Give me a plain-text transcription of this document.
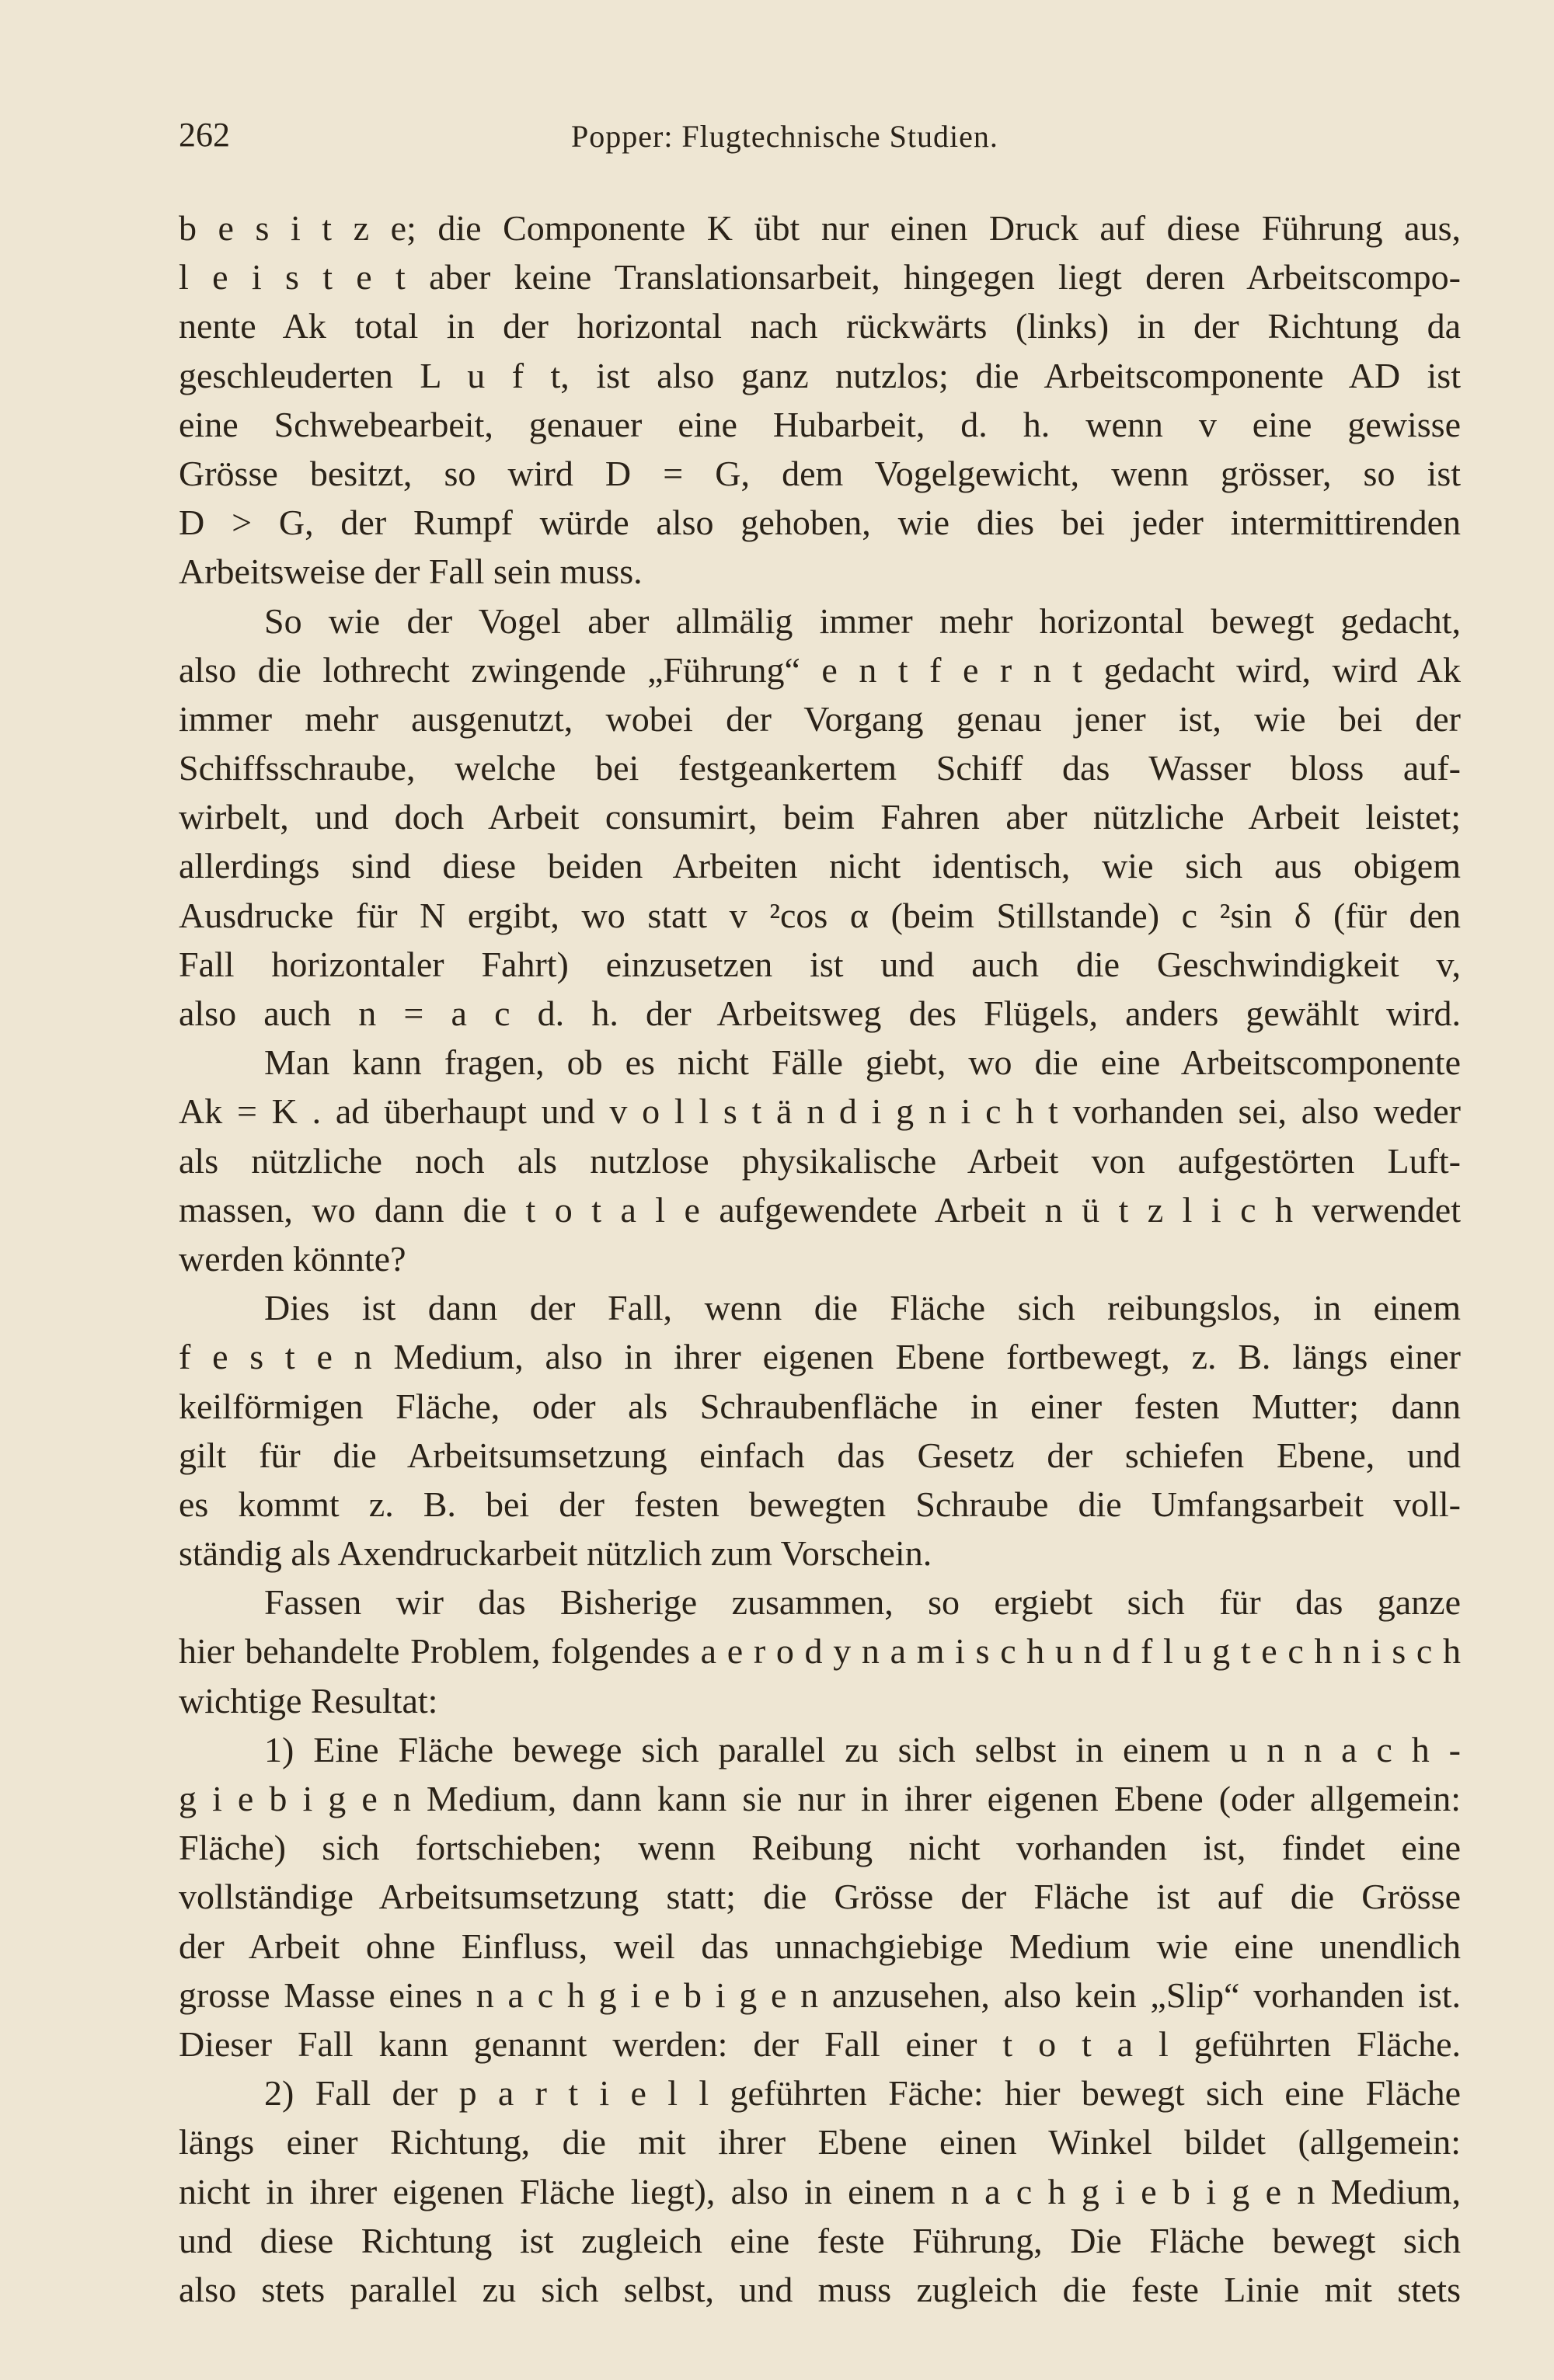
262	Popper: Flugtechnische Studien.
b e s i t z e; die Componente K übt nur einen Druck auf diese Führung aus,
l e i s t e t aber keine Translationsarbeit, hingegen liegt deren Arbeitscompo-
nente Ak total in der horizontal nach rückwärts (links) in der Richtung da
geschleuderten L u f t, ist also ganz nutzlos; die Arbeitscomponente AD ist
eine Schwebearbeit, genauer eine Hubarbeit, d. h. wenn v eine gewisse
Grösse besitzt, so wird D = G, dem Vogelgewicht, wenn grösser, so ist
D > G, der Rumpf würde also gehoben, wie dies bei jeder intermittirenden
Arbeitsweise der Fall sein muss.
So wie der Vogel aber allmälig immer mehr horizontal bewegt gedacht,
also die lothrecht zwingende „Führung“ e n t f e r n t gedacht wird, wird Ak
immer mehr ausgenutzt, wobei der Vorgang genau jener ist, wie bei der
Schiffsschraube, welche bei festgeankertem Schiff das Wasser bloss auf-
wirbelt, und doch Arbeit consumirt, beim Fahren aber nützliche Arbeit leistet;
allerdings sind diese beiden Arbeiten nicht identisch, wie sich aus obigem
Ausdrucke für N ergibt, wo statt v ²cos α (beim Stillstande) c ²sin δ (für den
Fall horizontaler Fahrt) einzusetzen ist und auch die Geschwindigkeit v,
also auch n = a c d. h. der Arbeitsweg des Flügels, anders gewählt wird.
Man kann fragen, ob es nicht Fälle giebt, wo die eine Arbeitscomponente
Ak = K . ad überhaupt und v o l l s t ä n d i g n i c h t vorhanden sei, also weder
als nützliche noch als nutzlose physikalische Arbeit von aufgestörten Luft-
massen, wo dann die t o t a l e aufgewendete Arbeit n ü t z l i c h verwendet
werden könnte?
Dies ist dann der Fall, wenn die Fläche sich reibungslos, in einem
f e s t e n Medium, also in ihrer eigenen Ebene fortbewegt, z. B. längs einer
keilförmigen Fläche, oder als Schraubenfläche in einer festen Mutter; dann
gilt für die Arbeitsumsetzung einfach das Gesetz der schiefen Ebene, und
es kommt z. B. bei der festen bewegten Schraube die Umfangsarbeit voll-
ständig als Axendruckarbeit nützlich zum Vorschein.
Fassen wir das Bisherige zusammen, so ergiebt sich für das ganze
hier behandelte Problem, folgendes a e r o d y n a m i s c h u n d f l u g t e c h n i s c h
wichtige Resultat:
1) Eine Fläche bewege sich parallel zu sich selbst in einem u n n a c h -
g i e b i g e n Medium, dann kann sie nur in ihrer eigenen Ebene (oder allgemein:
Fläche) sich fortschieben; wenn Reibung nicht vorhanden ist, findet eine
vollständige Arbeitsumsetzung statt; die Grösse der Fläche ist auf die Grösse
der Arbeit ohne Einfluss, weil das unnachgiebige Medium wie eine unendlich
grosse Masse eines n a c h g i e b i g e n anzusehen, also kein „Slip“ vorhanden ist.
Dieser Fall kann genannt werden: der Fall einer t o t a l geführten Fläche.
2) Fall der p a r t i e l l geführten Fäche: hier bewegt sich eine Fläche
längs einer Richtung, die mit ihrer Ebene einen Winkel bildet (allgemein:
nicht in ihrer eigenen Fläche liegt), also in einem n a c h g i e b i g e n Medium,
und diese Richtung ist zugleich eine feste Führung, Die Fläche bewegt sich
also stets parallel zu sich selbst, und muss zugleich die feste Linie mit stets
